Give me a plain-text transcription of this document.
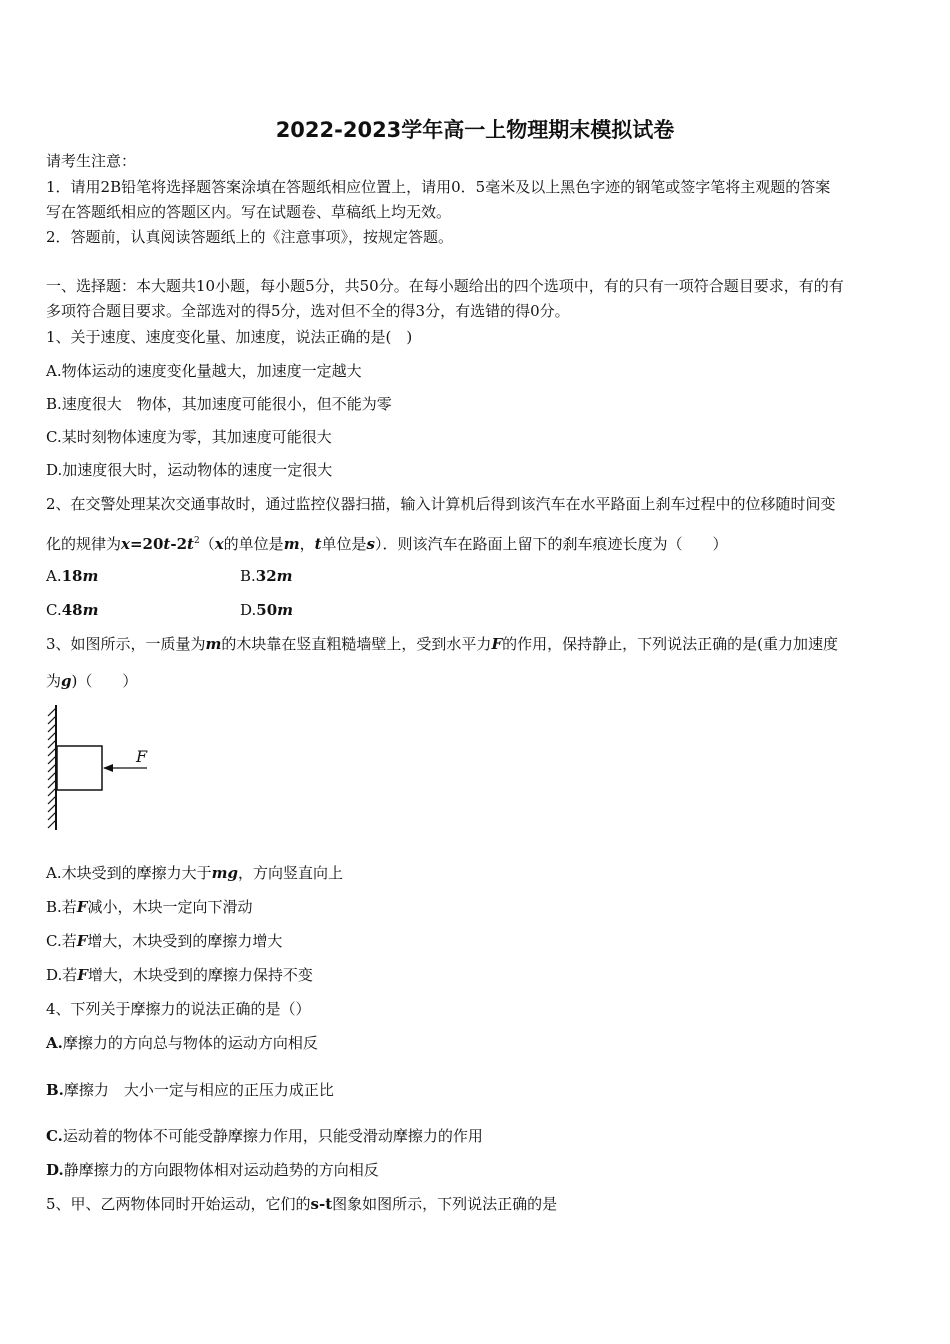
2022-2023学年高一上物理期末模拟试卷
请考生注意：
1．请用2B铅笔将选择题答案涂填在答题纸相应位置上，请用0．5毫米及以上黑色字迹的钢笔或签字笔将主观题的答案
写在答题纸相应的答题区内。写在试题卷、草稿纸上均无效。
2．答题前，认真阅读答题纸上的《注意事项》，按规定答题。
一、选择题：本大题共10小题，每小题5分，共50分。在每小题给出的四个选项中，有的只有一项符合题目要求，有的有
多项符合题目要求。全部选对的得5分，选对但不全的得3分，有选错的得0分。
1、关于速度、速度变化量、加速度，说法正确的是(　)
A.物体运动的速度变化量越大，加速度一定越大
B.速度很大　物体，其加速度可能很小，但不能为零
C.某时刻物体速度为零，其加速度可能很大
D.加速度很大时，运动物体的速度一定很大
2、在交警处理某次交通事故时，通过监控仪器扫描，输入计算机后得到该汽车在水平路面上刹车过程中的位移随时间变
化的规律为$x=20t-2t^2(x$的单位是m，t单位是s）．则该汽车在路面上留下的刹车痕迹长度为（　　）
A.18m	B.32m
C.48m	D.50m
3、如图所示，一质量为m的木块靠在竖直粗糙墙壁上，受到水平力F的作用，保持静止，下列说法正确的是(重力加速度
为g)（　　）
F
A.木块受到的摩擦力大于mg，方向竖直向上
B.若F减小，木块一定向下滑动
C.若F增大，木块受到的摩擦力增大
D.若F增大，木块受到的摩擦力保持不变
4、下列关于摩擦力的说法正确的是（）
A.摩擦力的方向总与物体的运动方向相反
B.摩擦力　大小一定与相应的正压力成正比
C.运动着的物体不可能受静摩擦力作用，只能受滑动摩擦力的作用
D.静摩擦力的方向跟物体相对运动趋势的方向相反
5、甲、乙两物体同时开始运动，它们的s-t图象如图所示，下列说法正确的是
